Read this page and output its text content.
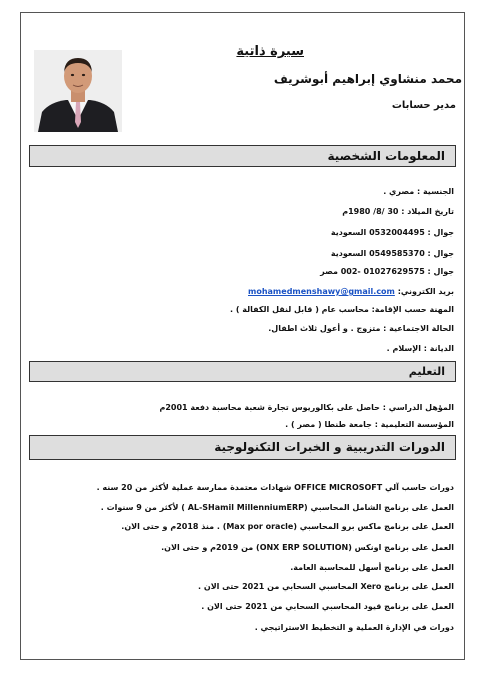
سيرة ذاتية
محمد منشاوي إبراهيم أبوشريف
مدير حسابات
المعلومات الشخصية
الجنسية : مصري .
تاريخ الميلاد : 30 /8/ 1980م
جوال : 0532004495 السعودية
جوال : 0549585370 السعودية
جوال : 01027629575 -002 مصر
بريد الكتروني: mohamedmenshawy@gmail.com
المهنة حسب الإقامة: محاسب عام ( قابل لنقل الكفالة ) .
الحالة الاجتماعية : متزوج . و أعول ثلاث اطفال.
الديانة : الإسلام .
التعليم
المؤهل الدراسي : حاصل على بكالوريوس تجارة شعبة محاسبة دفعة 2001م
المؤسسة التعليمية : جامعة طنطا ( مصر ) .
الدورات التدريبية و الخبرات التكنولوجية
دورات حاسب آلي OFFICE MICROSOFT شهادات معتمدة ممارسة عملية لأكثر من 20 سنه .
العمل على برنامج الشامل المحاسبي (AL-SHamil MillenniumERP ) لأكثر من 9 سنوات .
العمل على برنامج ماكس برو المحاسبي (Max por oracle) . منذ 2018م و حتى الان.
العمل على برنامج اونكس (ONX ERP SOLUTION) من 2019م و حتى الان.
العمل على برنامج أسهل للمحاسبة العامة.
العمل على برنامج Xero المحاسبي السحابي من 2021 حتى الان .
العمل على برنامج قيود المحاسبي السحابي من 2021 حتى الان .
دورات في الإدارة العملية و التخطيط الاستراتيجي .
